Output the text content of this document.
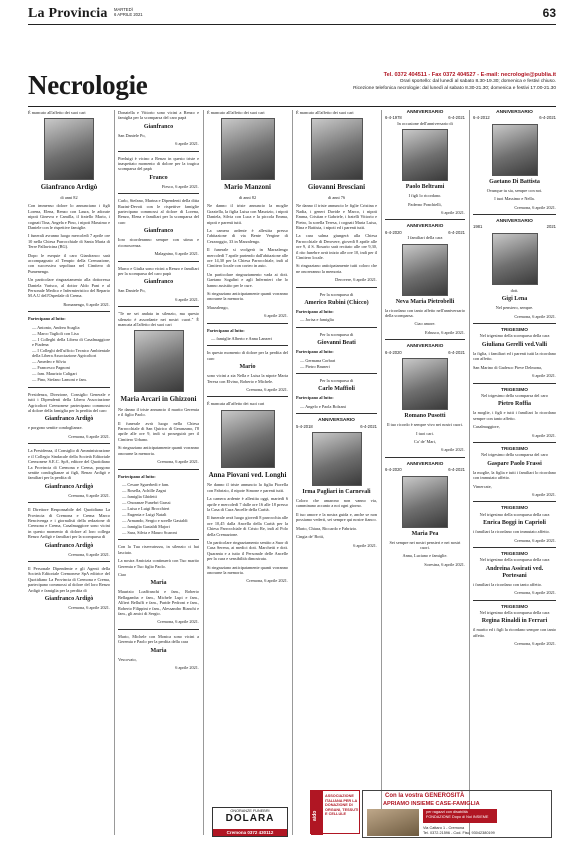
La Provincia MARTEDÌ
6 APRILE 2021	63
Necrologie	Tel. 0372 404511 - Fax 0372 404527 - E-mail: necrologie@publia.it
Orari sportello: dal lunedì al sabato 8.30-19.30; domenica e festivi chiuso.
Ricezione telefonica necrologie: dal lunedì al sabato 8.30-21.30; domenica e festivi 17.00-21.30

È mancato all'affetto dei suoi cari

Gianfranco Ardigò

di anni 82

Con immenso dolore lo annunciano i figli Lorena, Elena, Renzo con Laura, le adorate nipoti Ginevra e Camilla, il fratello Mario, i cognati Tina, Angela e Pino, i nipoti Massimo e Daniele con le rispettive famiglie.

I funerali avranno luogo mercoledì 7 aprile ore 10 nella Chiesa Parrocchiale di Santa Maria di Terre Pallavicina (BG).

Dopo le esequie il caro Gianfranco sarà accompagnato al Tempio della Cremazione, con successiva sepoltura nel Cimitero di Pumenengo.

Un particolare ringraziamento alla dottoressa Daniela Varisco, al dottor Aldo Pani e al Personale Medico e Infermieristico del Reparto M.A.U dell'Ospedale di Crema.

Romanengo, 6 aprile 2021.

Partecipano al lutto:

— Antonio, Andrea Scaglia

— Marco Taglioli con Lisa

— I Colleghi della Libera di Casalmaggiore e Piadena

— I Colleghi dell'ufficio Tecnico Ambientale della Libera Associazione Agricoltori

— Amedeo e Silvia

— Francesco Pagnoni

— fam. Maurizio Caligari

— Pino, Stefano Lamoni e fam.

Presidenza, Direzione, Consiglio Generale e tutti i Dipendenti della Libera Associazione Agricoltori Cremonese partecipano commossi al dolore della famiglia per la perdita del caro

Gianfranco Ardigò

e porgono sentite condoglianze.

Cremona, 6 aprile 2021.

La Presidenza, il Consiglio di Amministrazione e il Collegio Sindacale della Società Editoriale Cremonese S.E.C. SpA, editore del Quotidiano La Provincia di Cremona e Crema, porgono sentite condoglianze ai figli, Renzo Ardigò e familiari per la perdita di

Gianfranco Ardigò

Cremona, 6 aprile 2021.

Il Direttore Responsabile del Quotidiano La Provincia di Cremona e Crema Marco Bencivenga e i giornalisti della redazione di Cremona e Crema, Casalmaggiore sono vicini in questo momento di dolore al loro collega Renzo Ardigò e familiari per la scomparsa di

Gianfranco Ardigò

Cremona, 6 aprile 2021.

Il Personale Dipendente e gli Agenti della Società Editoriale Cremonese SpA editrice del Quotidiano La Provincia di Cremona e Crema, partecipano commossi al dolore del loro Renzo Ardigò e famiglia per la perdita di

Gianfranco Ardigò

Cremona, 6 aprile 2021.

Donatella e Vittorio sono vicini a Renzo e famiglia per la scomparsa del caro papà

Gianfranco

San Daniele Po,

6 aprile 2021.

Pierluigi è vicino a Renzo in questo triste e inaspettato momento di dolore per la tragica scomparsa del papà

Franco

Fiesco, 6 aprile 2021.

Carlo, Stefano, Marina e Dipendenti della ditta Razini-Devoti con le rispettive famiglie partecipano commossi al dolore di Lorena, Renzo, Elena e familiari per la scomparsa del caro

Gianfranco

Ioro ricorderanno sempre con stima e riconoscenza.

Malagnino, 6 aprile 2021.

Marco e Giulia sono vicini a Renzo e familiari per la scomparsa del caro papà

Gianfranco

San Daniele Po,

6 aprile 2021.

"Te ne sei andata in silenzio, ma questo silenzio è assordante nei nostri cuori." È mancata all'affetto dei suoi cari

Maria Arcari in Ghizzoni

Ne danno il triste annuncio il marito Geremia e il figlio Paolo.

Il funerale avrà luogo nella Chiesa Parrocchiale di San Quirico di Geranzano, l'8 aprile alle ore 9, indi si proseguirà per il Cimitero Urbano.

Si ringraziano anticipatamente quanti vorranno onorarne la memoria.

Cremona, 6 aprile 2021.

Partecipano al lutto:

— Cesare Sguerbedi e fam.

— Rosella, Achille Zagni

— famiglia Ghidetti

— Onoranze Funebri Grassi

— Luisa e Luigi Brocchieri

— Eugenia e Luigi Natali

— Armando, Sergio e sorelle Gastaldi

— famiglia Gastaldi Majori

— Sara, Silvia e Mauro Scaroni

Con la Tua riservatezza, in silenzio ci hai lasciato.

La nostra Amicizia continuerà con Tuo marito Geremia e Tuo figlio Paolo.

Ciao

Maria

Maurizio Loaffranchi e fam., Roberto Bellagamba e fam., Michele Lupi e fam., Alfieri Belluffi e fam., Paride Pedroni e fam., Roberto Filippini e fam., Alessandro Bianchi e fam., gli amici di Sergio.

Cremona, 6 aprile 2021.

Mario, Michele con Monica sono vicini a Geremia e Paolo per la perdita della cara

Maria

Vescovato,

6 aprile 2021.

È mancato all'affetto dei suoi cari

Mario Manzoni

di anni 82

Ne danno il triste annuncio la moglie Graziella, la figlia Luisa con Maurizio, i nipoti Daniela, Silvia con Luca e la piccola Emma, nipoti e parenti tutti.

La camera ardente è allestita presso l'abitazione di via Bente Vergine di Cezaroggio, 33 in Marzalengo.

Il funerale si svolgerà in Marzalengo mercoledì 7 aprile partendo dall'abitazione alle ore 14,30 per la Chiesa Parrocchiale, indi al Cimitero locale con corteo in auto.

Un particolare ringraziamento vada ai dott. Gaetano Sogalini e agli Infermieri che lo hanno assistito per le cure.

Si ringraziano anticipatamente quanti vorranno onorarne la memoria.

Marzalengo,

6 aprile 2021.

Partecipano al lutto:

— famiglie Alberto e Anna Lanzeri

In questo momento di dolore per la perdita del caro

Mario

sono vicini a zia Nella e Luisa la nipote Maria Teresa con Elvino, Roberto e Michele.

Cremona, 6 aprile 2021.

È mancata all'affetto dei suoi cari

Anna Piovani ved. Longhi

Ne danno il triste annuncio la figlia Fiorella con Fabrizio, il nipote Simone e parenti tutti.

La camera ardente è allestita oggi, martedì 6 aprile e mercoledì 7 dalle ore 16 alle 18 presso la Casa di Cura Ancelle della Carità.

Il funerale avrà luogo giovedì 8 parrocchia alle ore 10,45 dalla Ancella della Carità per la Chiesa Parrocchiale di Cristo Re, indi al Polo della Cremazione.

Un particolare ringraziamento sentito a Suor di Casa Serena, ai medici dott. Marchetti e dott. Quaranta e a tutto il Personale delle Ancelle per la cura e sensibilità dimostrata.

Si ringraziano anticipatamente quanti vorranno onorarne la memoria.

Cremona, 6 aprile 2021.

È mancato all'affetto dei suoi cari

Giovanni Bresciani

di anni 76

Ne danno il triste annuncio le figlie Cristina e Nadia, i generi Davide e Marco, i nipoti Emma, Cristian e Gabriele, i fratelli Vittorio e Pietro, la sorella Teresa, i cognati Maria Luisa, Rina e Battista, i nipoti ed i parenti tutti.

La cara salma giungerà alla Chiesa Parrocchiale di Derovere, giovedì 8 aprile alle ore 9, il S. Rosario sarà recitato alle ore 9,30, il rito funebre avrà inizio alle ore 10, indi per il Cimitero locale.

Si ringraziano anticipatamente tutti coloro che ne onoreranno la memoria.

Derovere, 6 aprile 2021.

Per la scomparsa di

Americo Rubini (Chicco)

Partecipano al lutto:

— Jorisa e famiglia

Per la scomparsa di

Giovanni Beati

Partecipano al lutto:

— Germana Corbari

— Pietro Bruneri

Per la scomparsa di

Carlo Maffioli

Partecipano al lutto:

— Angelo e Paola Bolzani

ANNIVERSARIO
5-4-2018	6-4-2021
Irma Pagliari in Carnevali

Coloro che amarono non vanno via, camminano accanto a noi ogni giorno.

Il tuo amore e la nostra guida e, anche se non possiamo vederti, sei sempre qui nostre fianco.

Mario, Chiara, Riccardo e Fabrizio.

Cingia de' Botti,

6 aprile 2021.

ANNIVERSARIO
6-4-1978	6-4-2021

In occasione dell'anniversario di

Paolo Beltrami

I figli lo ricordano.

Paderno Ponchielli,

6 aprile 2021.

ANNIVERSARIO
6-4-2020	6-4-2021

I familiari della cara

Neva Maria Pietrobelli

la ricordano con tanto affetto nell'anniversario della scomparsa.

Ciao amore.

Erbusco, 6 aprile 2021.

ANNIVERSARIO
6-4-2020	6-4-2021
Romano Pusotti

Il tuo ricordo è sempre vivo nei nostri cuori.

I tuoi cari.

Ca' de' Mari,

6 aprile 2021.

ANNIVERSARIO
6-4-2020	6-4-2021
Maria Pea

Sei sempre nei nostri pensieri e nei nostri cuori.

Anna, Luciano e famiglie.

Soresina, 6 aprile 2021.

ANNIVERSARIO
6-4-2012	6-4-2021
Gaetano Di Battista

Ovunque tu sia, sempre con noi.

I tuoi Massimo e Nella.

Cremona, 6 aprile 2021.

ANNIVERSARIO
1981	2021

dott.

Gigi Lena

Nel pensiero, sempre.

Cremona, 6 aprile 2021.

TRIGESIMO

Nel trigesimo della scomparsa della cara

Giuliana Gerelli ved.Valli

la figlia, i familiari ed i parenti tutti la ricordano con affetto.

San Marino di Gadesco Pieve Delmona,

6 aprile 2021.

TRIGESIMO

Nel trigesimo della scomparsa del caro

Pietro Roffia

la moglie, i figli e tutti i familiari lo ricordano sempre con tanto affetto.

Casalmaggiore,

6 aprile 2021.

TRIGESIMO

Nel trigesimo della scomparsa del caro

Gaspare Paolo Frassi

la moglie, la figlia e tutti i familiari lo ricordano con immutato affetto.

Vimercate,

6 aprile 2021.

TRIGESIMO

Nel trigesimo della scomparsa della cara

Enrica Boggi in Caprioli

i familiari la ricordano con immutato affetto.

Cremona, 6 aprile 2021.

TRIGESIMO

Nel trigesimo della scomparsa della cara

Andreina Assirati ved. Portesani

i familiari la ricordano con tanto affetto.

Cremona, 6 aprile 2021.

TRIGESIMO

Nel trigesimo della scomparsa della cara

Regina Rinaldi in Ferrari

il marito ed i figli la ricordano sempre con tanto affetto.

Cremona, 6 aprile 2021.

ONORANZE FUNEBRI
DOLARA
Cremona 0372 430112
aido
ASSOCIAZIONE ITALIANA PER LA DONAZIONE DI ORGANI, TESSUTI E CELLULE
Con la vostra GENEROSITÀ
APRIAMO INSIEME CASE-FAMIGLIA
per ragazzi con disabilità
FONDAZIONE Dopo di Noi INSIEME
Via Cattaro 1 - Cremona
Tel. 0372.21596 - Cod. Fisc. 93042380199
